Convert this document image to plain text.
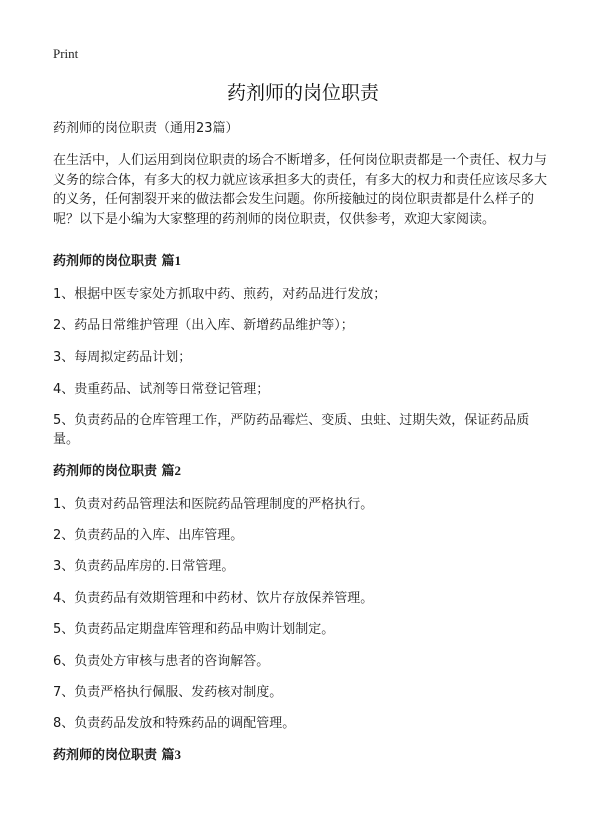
Print
药剂师的岗位职责
药剂师的岗位职责（通用23篇）

在生活中，人们运用到岗位职责的场合不断增多，任何岗位职责都是一个责任、权力与义务的综合体，有多大的权力就应该承担多大的责任，有多大的权力和责任应该尽多大的义务，任何割裂开来的做法都会发生问题。你所接触过的岗位职责都是什么样子的呢？以下是小编为大家整理的药剂师的岗位职责，仅供参考，欢迎大家阅读。

药剂师的岗位职责 篇1

1、根据中医专家处方抓取中药、煎药，对药品进行发放；

2、药品日常维护管理（出入库、新增药品维护等）；

3、每周拟定药品计划；

4、贵重药品、试剂等日常登记管理；

5、负责药品的仓库管理工作，严防药品霉烂、变质、虫蛀、过期失效，保证药品质量。

药剂师的岗位职责 篇2

1、负责对药品管理法和医院药品管理制度的严格执行。

2、负责药品的入库、出库管理。

3、负责药品库房的.日常管理。

4、负责药品有效期管理和中药材、饮片存放保养管理。

5、负责药品定期盘库管理和药品申购计划制定。

6、负责处方审核与患者的咨询解答。

7、负责严格执行佩服、发药核对制度。

8、负责药品发放和特殊药品的调配管理。

药剂师的岗位职责 篇3
